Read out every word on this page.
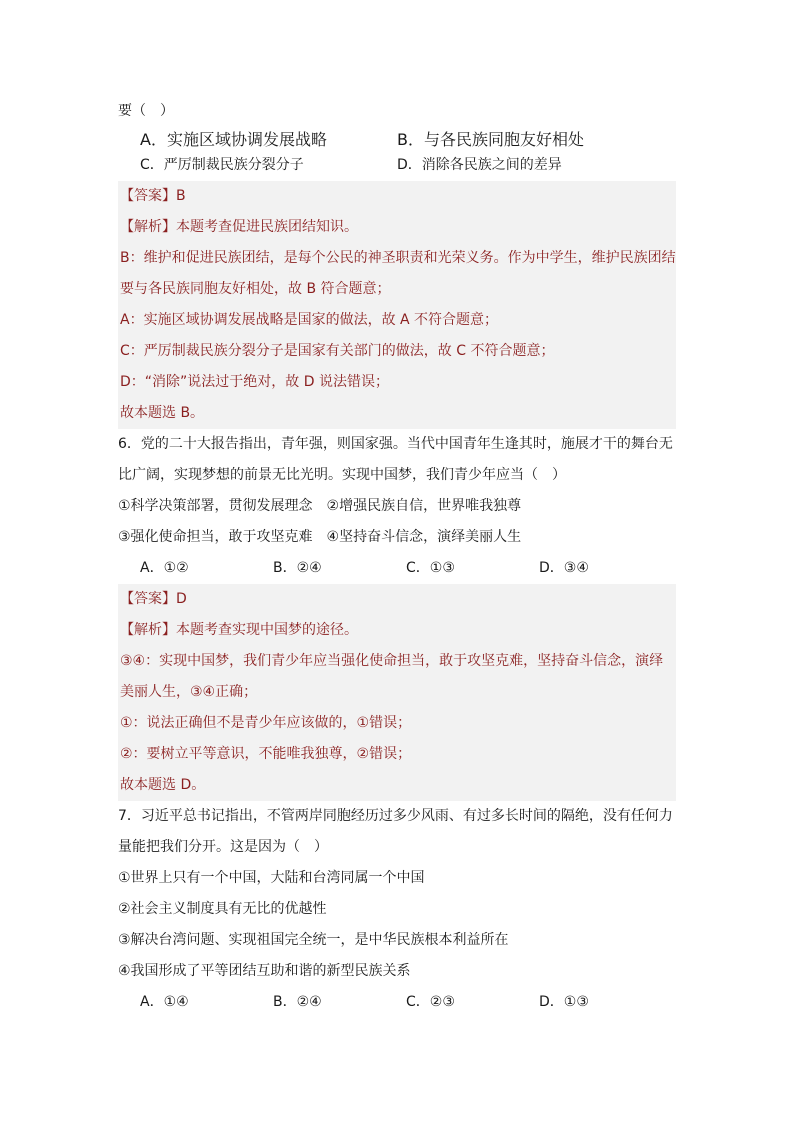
要（　）
A．实施区域协调发展战略	B．与各民族同胞友好相处
C．严厉制裁民族分裂分子	D．消除各民族之间的差异
【答案】B
【解析】本题考查促进民族团结知识。
B：维护和促进民族团结，是每个公民的神圣职责和光荣义务。作为中学生，维护民族团结
要与各民族同胞友好相处，故 B 符合题意；
A：实施区域协调发展战略是国家的做法，故 A 不符合题意；
C：严厉制裁民族分裂分子是国家有关部门的做法，故 C 不符合题意；
D：“消除”说法过于绝对，故 D 说法错误；
故本题选 B。
6．党的二十大报告指出，青年强，则国家强。当代中国青年生逢其时，施展才干的舞台无
比广阔，实现梦想的前景无比光明。实现中国梦，我们青少年应当（　）
①科学决策部署，贯彻发展理念　②增强民族自信，世界唯我独尊
③强化使命担当，敢于攻坚克难　④坚持奋斗信念，演绎美丽人生
A．①②	B．②④	C．①③	D．③④
【答案】D
【解析】本题考查实现中国梦的途径。
③④：实现中国梦，我们青少年应当强化使命担当，敢于攻坚克难，坚持奋斗信念，演绎
美丽人生，③④正确；
①：说法正确但不是青少年应该做的，①错误；
②：要树立平等意识，不能唯我独尊，②错误；
故本题选 D。
7．习近平总书记指出，不管两岸同胞经历过多少风雨、有过多长时间的隔绝，没有任何力
量能把我们分开。这是因为（　）
①世界上只有一个中国，大陆和台湾同属一个中国
②社会主义制度具有无比的优越性
③解决台湾问题、实现祖国完全统一，是中华民族根本利益所在
④我国形成了平等团结互助和谐的新型民族关系
A．①④	B．②④	C．②③	D．①③
